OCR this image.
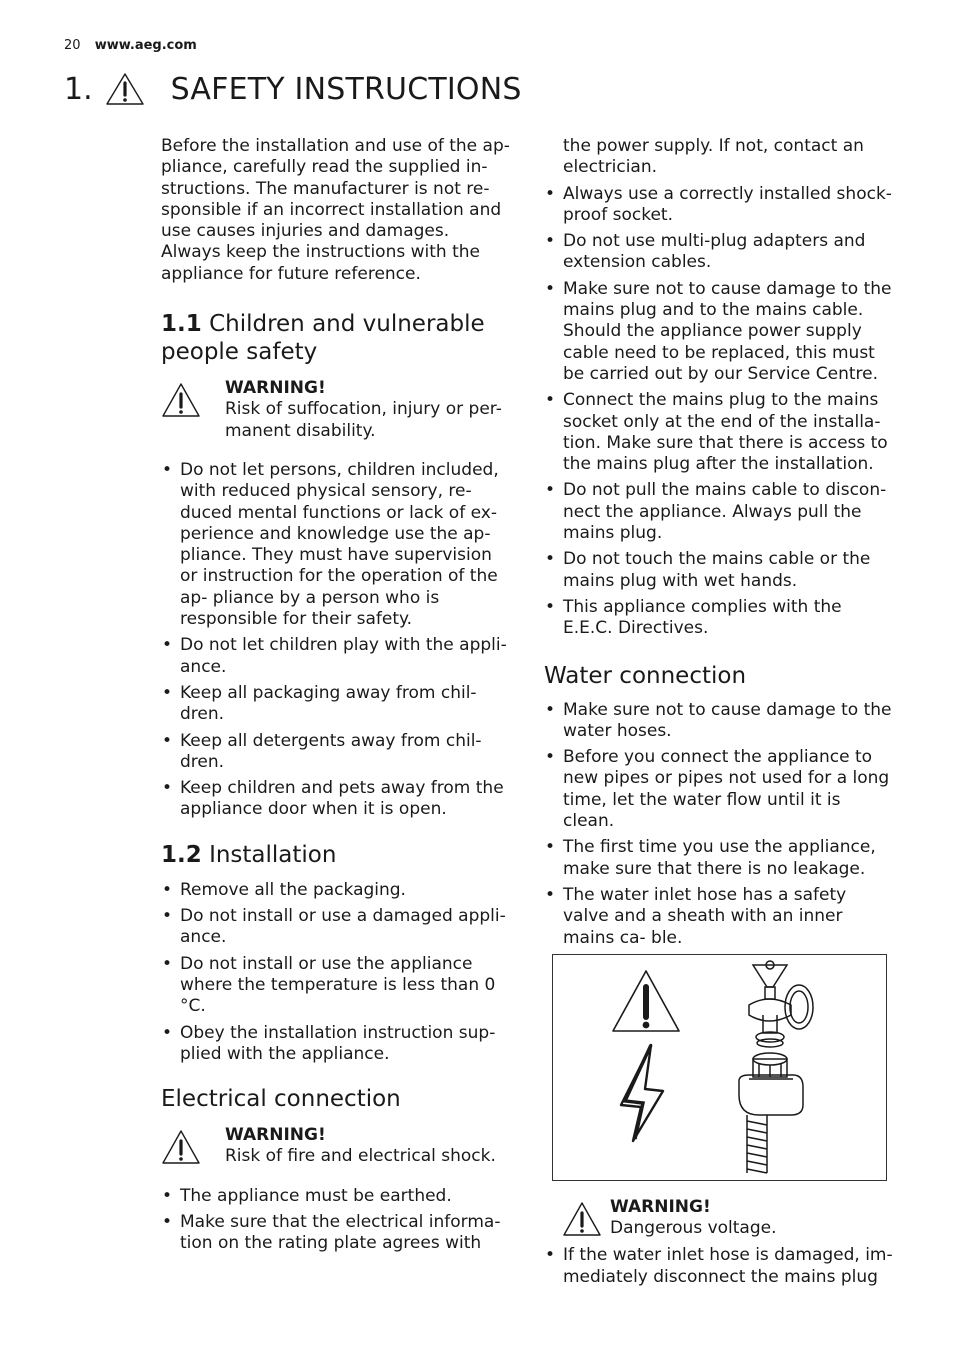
20 www.aeg.com
1.	SAFETY INSTRUCTIONS

Before the installation and use of the ap- pliance, carefully read the supplied in- structions. The manufacturer is not re- sponsible if an incorrect installation and use causes injuries and damages. Always keep the instructions with the appliance for future reference.

1.1 Children and vulnerable people safety
WARNING!
Risk of suffocation, injury or per- manent disability.
• Do not let persons, children included, with reduced physical sensory, re- duced mental functions or lack of ex- perience and knowledge use the ap- pliance. They must have supervision or instruction for the operation of the ap- pliance by a person who is responsible for their safety.
• Do not let children play with the appli- ance.
• Keep all packaging away from chil- dren.
• Keep all detergents away from chil- dren.
• Keep children and pets away from the appliance door when it is open.
1.2 Installation
• Remove all the packaging.
• Do not install or use a damaged appli- ance.
• Do not install or use the appliance where the temperature is less than 0 °C.
• Obey the installation instruction sup- plied with the appliance.
Electrical connection
WARNING!
Risk of fire and electrical shock.
• The appliance must be earthed.
• Make sure that the electrical informa- tion on the rating plate agrees with

the power supply. If not, contact an electrician.

• Always use a correctly installed shock- proof socket.
• Do not use multi-plug adapters and extension cables.
• Make sure not to cause damage to the mains plug and to the mains cable. Should the appliance power supply cable need to be replaced, this must be carried out by our Service Centre.
• Connect the mains plug to the mains socket only at the end of the installa- tion. Make sure that there is access to the mains plug after the installation.
• Do not pull the mains cable to discon- nect the appliance. Always pull the mains plug.
• Do not touch the mains cable or the mains plug with wet hands.
• This appliance complies with the E.E.C. Directives.
Water connection
• Make sure not to cause damage to the water hoses.
• Before you connect the appliance to new pipes or pipes not used for a long time, let the water flow until it is clean.
• The first time you use the appliance, make sure that there is no leakage.
• The water inlet hose has a safety valve and a sheath with an inner mains ca- ble.
WARNING!
Dangerous voltage.
• If the water inlet hose is damaged, im- mediately disconnect the mains plug
